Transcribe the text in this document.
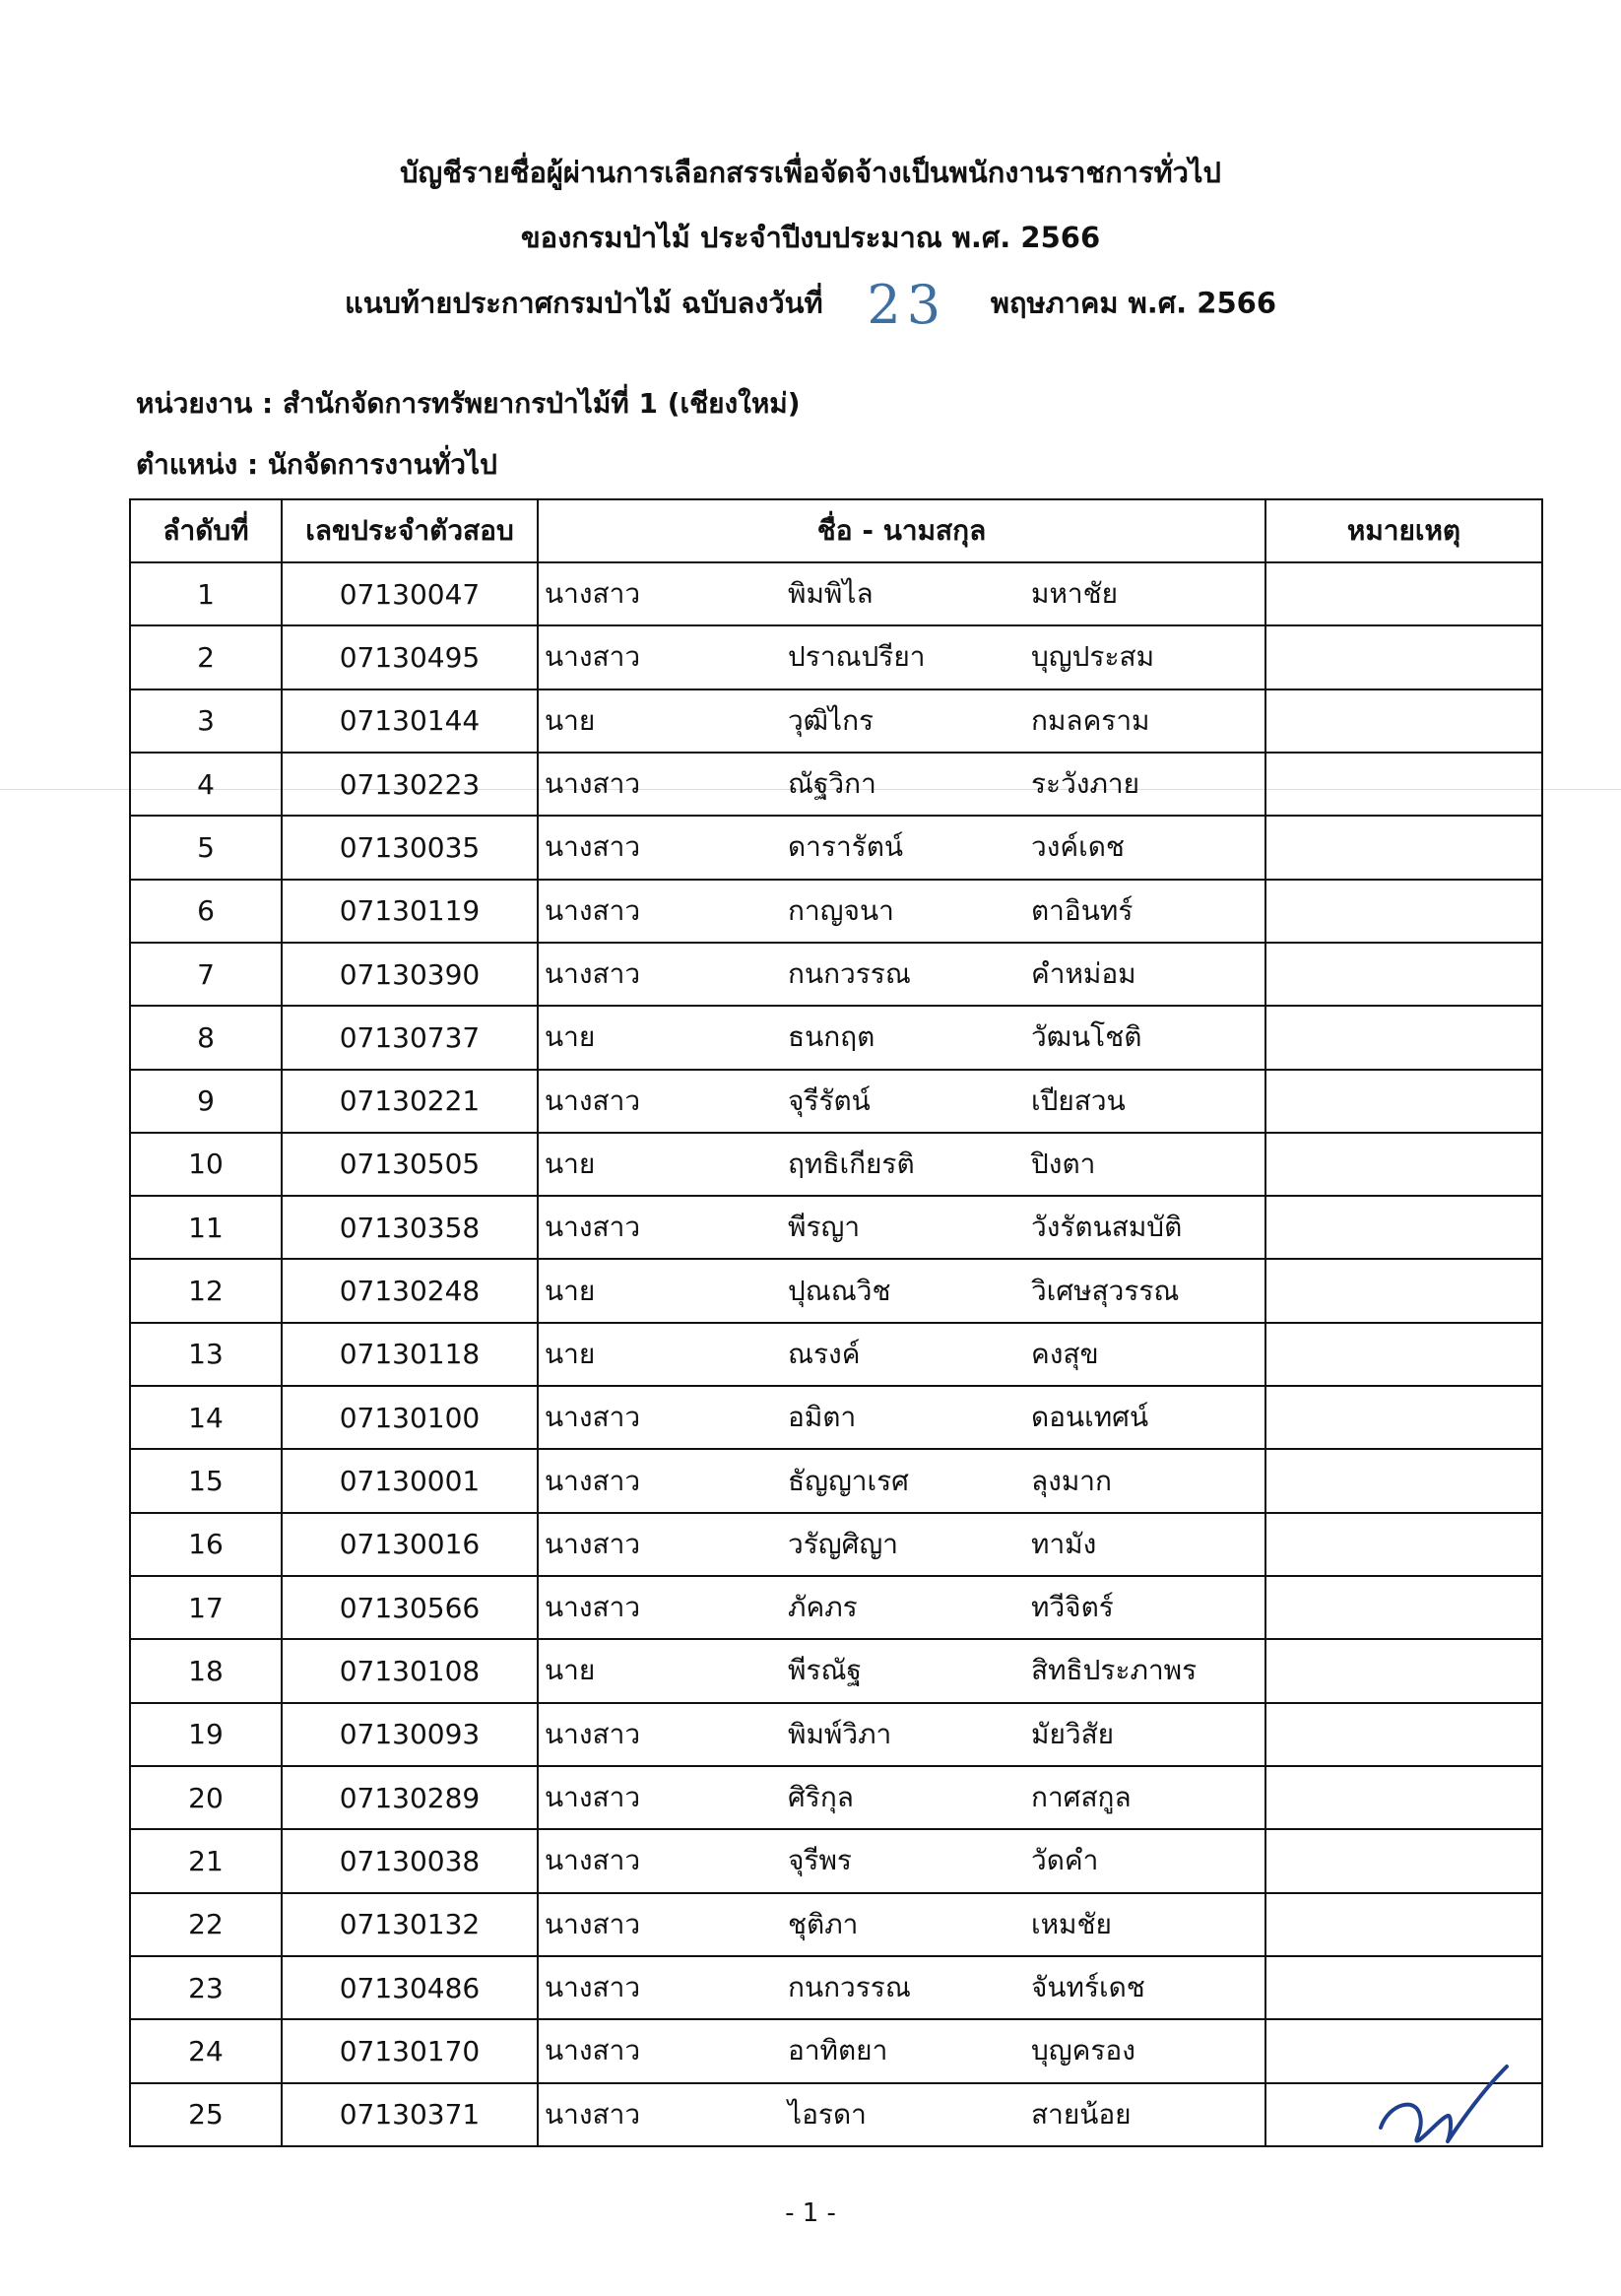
บัญชีรายชื่อผู้ผ่านการเลือกสรรเพื่อจัดจ้างเป็นพนักงานราชการทั่วไป
ของกรมป่าไม้ ประจำปีงบประมาณ พ.ศ. 2566
แนบท้ายประกาศกรมป่าไม้ ฉบับลงวันที่ 23 พฤษภาคม พ.ศ. 2566
หน่วยงาน : สำนักจัดการทรัพยากรป่าไม้ที่ 1 (เชียงใหม่)
ตำแหน่ง : นักจัดการงานทั่วไป
ลำดับที่	เลขประจำตัวสอบ	ชื่อ - นามสกุล	หมายเหตุ
1	07130047	นางสาว พิมพิไล มหาชัย	

2	07130495	นางสาว ปราณปรียา บุญประสม	

3	07130144	นาย วุฒิไกร กมลคราม	

4	07130223	นางสาว ณัฐวิกา ระวังภาย	

5	07130035	นางสาว ดารารัตน์ วงค์เดช	

6	07130119	นางสาว กาญจนา ตาอินทร์	

7	07130390	นางสาว กนกวรรณ คำหม่อม	

8	07130737	นาย ธนกฤต วัฒนโชติ	

9	07130221	นางสาว จุรีรัตน์ เปียสวน	

10	07130505	นาย ฤทธิเกียรติ ปิงตา	

11	07130358	นางสาว พีรญา วังรัตนสมบัติ	

12	07130248	นาย ปุณณวิช วิเศษสุวรรณ	

13	07130118	นาย ณรงค์ คงสุข	

14	07130100	นางสาว อมิตา ดอนเทศน์	

15	07130001	นางสาว ธัญญาเรศ ลุงมาก	

16	07130016	นางสาว วรัญศิญา ทามัง	

17	07130566	นางสาว ภัคภร ทวีจิตร์	

18	07130108	นาย พีรณัฐ สิทธิประภาพร	

19	07130093	นางสาว พิมพ์วิภา มัยวิสัย	

20	07130289	นางสาว ศิริกุล กาศสกูล	

21	07130038	นางสาว จุรีพร วัดคำ	

22	07130132	นางสาว ชุติภา เหมชัย	

23	07130486	นางสาว กนกวรรณ จันทร์เดช	

24	07130170	นางสาว อาทิตยา บุญครอง	

25	07130371	นางสาว ไอรดา สายน้อย	

- 1 -
